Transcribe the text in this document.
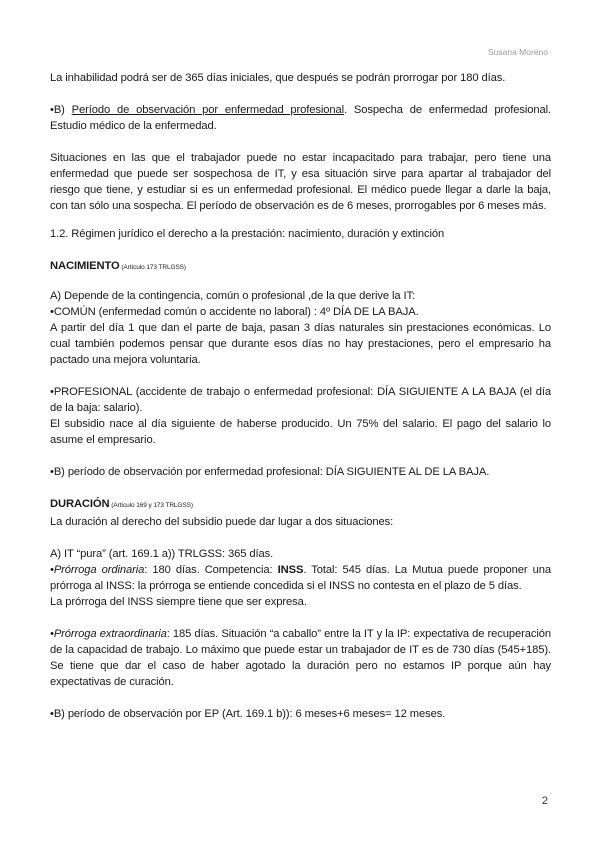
Susana Moreno

La inhabilidad podrá ser de 365 días iniciales, que después se podrán prorrogar por 180 días.

•B) Período de observación por enfermedad profesional. Sospecha de enfermedad profesional. Estudio médico de la enfermedad.

Situaciones en las que el trabajador puede no estar incapacitado para trabajar, pero tiene una enfermedad que puede ser sospechosa de IT, y esa situación sirve para apartar al trabajador del riesgo que tiene, y estudiar si es un enfermedad profesional. El médico puede llegar a darle la baja, con tan sólo una sospecha. El período de observación es de 6 meses, prorrogables por 6 meses más.

1.2. Régimen jurídico el derecho a la prestación: nacimiento, duración y extinción

NACIMIENTO (Artículo 173 TRLGSS)

A) Depende de la contingencia, común o profesional ,de la que derive la IT:

•COMÚN (enfermedad común o accidente no laboral) : 4º DÍA DE LA BAJA.

A partir del día 1 que dan el parte de baja, pasan 3 días naturales sin prestaciones económicas. Lo cual también podemos pensar que durante esos días no hay prestaciones, pero el empresario ha pactado una mejora voluntaria.

•PROFESIONAL (accidente de trabajo o enfermedad profesional: DÍA SIGUIENTE A LA BAJA (el día de la baja: salario).

El subsidio nace al día siguiente de haberse producido. Un 75% del salario. El pago del salario lo asume el empresario.

•B) período de observación por enfermedad profesional: DÍA SIGUIENTE AL DE LA BAJA.

DURACIÓN (Artículo 169 y 173 TRLGSS)

La duración al derecho del subsidio puede dar lugar a dos situaciones:

A) IT “pura” (art. 169.1 a)) TRLGSS: 365 días.

•Prórroga ordinaria: 180 días. Competencia: INSS. Total: 545 días. La Mutua puede proponer una prórroga al INSS: la prórroga se entiende concedida si el INSS no contesta en el plazo de 5 días.

La prórroga del INSS siempre tiene que ser expresa.

•Prórroga extraordinaria: 185 días. Situación “a caballo” entre la IT y la IP: expectativa de recuperación de la capacidad de trabajo. Lo máximo que puede estar un trabajador de IT es de 730 días (545+185). Se tiene que dar el caso de haber agotado la duración pero no estamos IP porque aún hay expectativas de curación.

•B) período de observación por EP (Art. 169.1 b)): 6 meses+6 meses= 12 meses.

2
